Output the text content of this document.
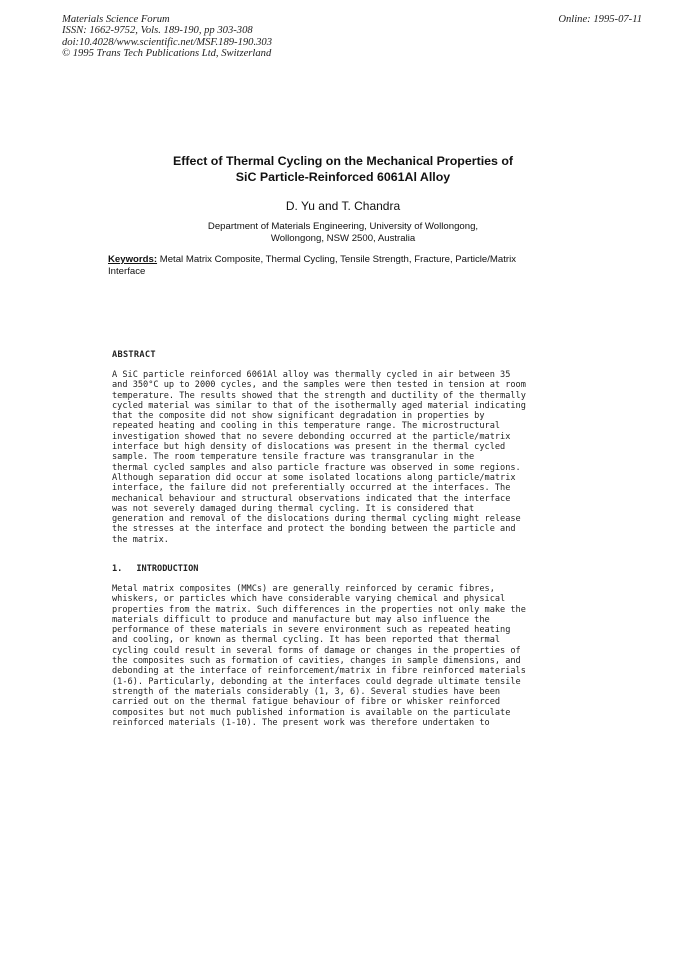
Materials Science Forum
ISSN: 1662-9752, Vols. 189-190, pp 303-308
doi:10.4028/www.scientific.net/MSF.189-190.303
© 1995 Trans Tech Publications Ltd, Switzerland
Online: 1995-07-11
Effect of Thermal Cycling on the Mechanical Properties of
SiC Particle-Reinforced 6061Al Alloy
D. Yu and T. Chandra
Department of Materials Engineering, University of Wollongong,
Wollongong, NSW 2500, Australia
Keywords: Metal Matrix Composite, Thermal Cycling, Tensile Strength, Fracture, Particle/Matrix
Interface
ABSTRACT
A SiC particle reinforced 6061Al alloy was thermally cycled in air between 35
and 350°C up to 2000 cycles, and the samples were then tested in tension at room
temperature. The results showed that the strength and ductility of the thermally
cycled material was similar to that of the isothermally aged material indicating
that the composite did not show significant degradation in properties by
repeated heating and cooling in this temperature range. The microstructural
investigation showed that no severe debonding occurred at the particle/matrix
interface but high density of dislocations was present in the thermal cycled
sample. The room temperature tensile fracture was transgranular in the
thermal cycled samples and also particle fracture was observed in some regions.
Although separation did occur at some isolated locations along particle/matrix
interface, the failure did not preferentially occurred at the interfaces. The
mechanical behaviour and structural observations indicated that the interface
was not severely damaged during thermal cycling. It is considered that
generation and removal of the dislocations during thermal cycling might release
the stresses at the interface and protect the bonding between the particle and
the matrix.
1. INTRODUCTION
Metal matrix composites (MMCs) are generally reinforced by ceramic fibres,
whiskers, or particles which have considerable varying chemical and physical
properties from the matrix. Such differences in the properties not only make the
materials difficult to produce and manufacture but may also influence the
performance of these materials in severe environment such as repeated heating
and cooling, or known as thermal cycling. It has been reported that thermal
cycling could result in several forms of damage or changes in the properties of
the composites such as formation of cavities, changes in sample dimensions, and
debonding at the interface of reinforcement/matrix in fibre reinforced materials
(1-6). Particularly, debonding at the interfaces could degrade ultimate tensile
strength of the materials considerably (1, 3, 6). Several studies have been
carried out on the thermal fatigue behaviour of fibre or whisker reinforced
composites but not much published information is available on the particulate
reinforced materials (1-10). The present work was therefore undertaken to
